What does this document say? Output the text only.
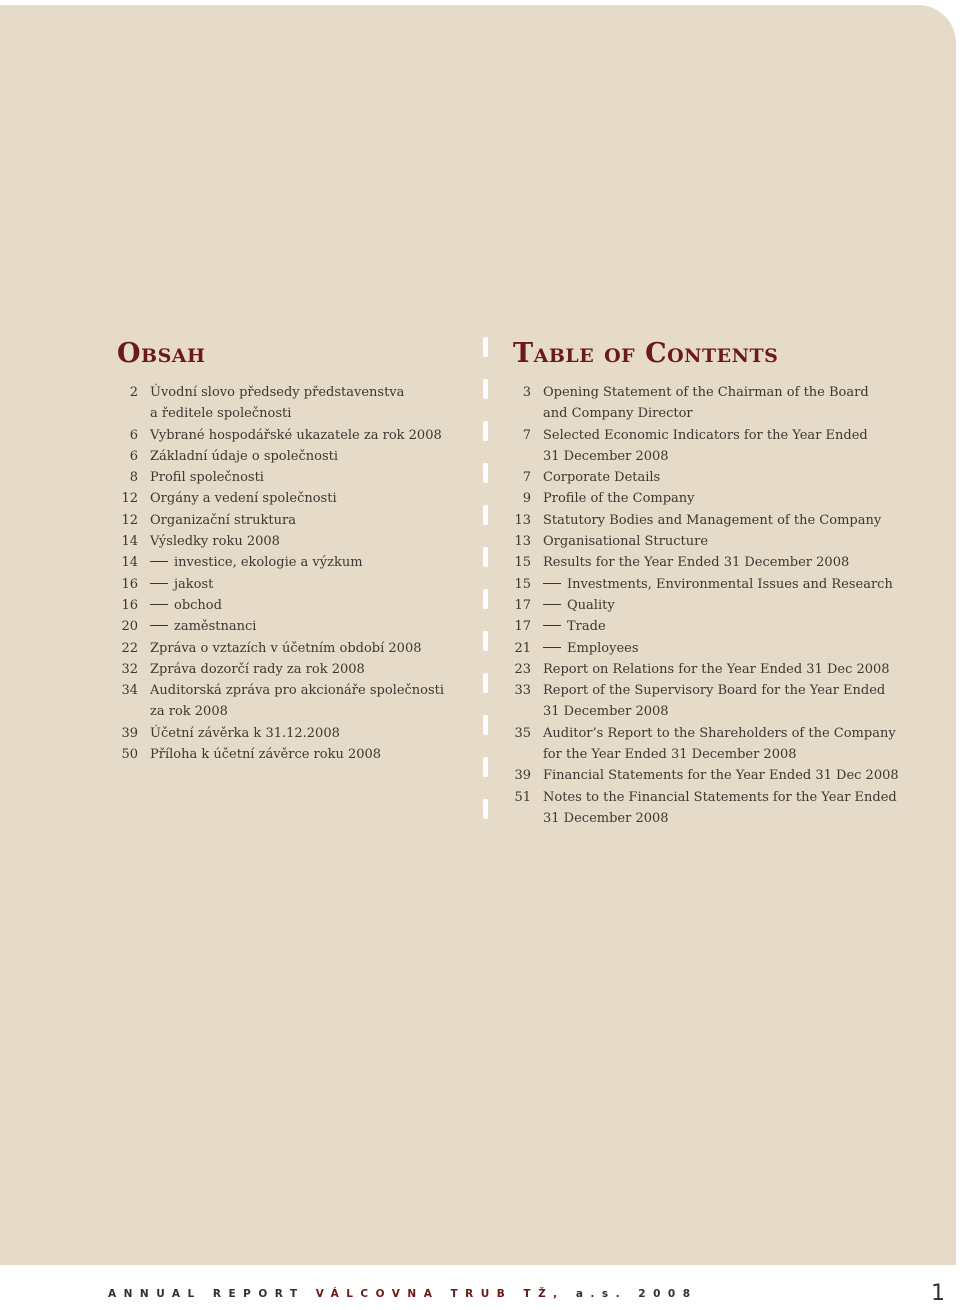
Obsah
2 Úvodní slovo předsedy představenstva
a ředitele společnosti
6 Vybrané hospodářské ukazatele za rok 2008
6 Základní údaje o společnosti
8 Profil společnosti
12 Orgány a vedení společnosti
12 Organizační struktura
14 Výsledky roku 2008
14	investice, ekologie a výzkum
16	jakost
16	obchod
20	zaměstnanci
22 Zpráva o vztazích v účetním období 2008
32 Zpráva dozorčí rady za rok 2008
34 Auditorská zpráva pro akcionáře společnosti
za rok 2008
39 Účetní závěrka k 31.12.2008
50 Příloha k účetní závěrce roku 2008
Table of Contents
3 Opening Statement of the Chairman of the Board
and Company Director
7 Selected Economic Indicators for the Year Ended
31 December 2008
7 Corporate Details
9 Profile of the Company
13 Statutory Bodies and Management of the Company
13 Organisational Structure
15 Results for the Year Ended 31 December 2008
15	Investments, Environmental Issues and Research
17	Quality
17	Trade
21	Employees
23 Report on Relations for the Year Ended 31 Dec 2008
33 Report of the Supervisory Board for the Year Ended
31 December 2008
35 Auditor’s Report to the Shareholders of the Company
for the Year Ended 31 December 2008
39 Financial Statements for the Year Ended 31 Dec 2008
51 Notes to the Financial Statements for the Year Ended
31 December 2008
ANNUAL REPORT VÁLCOVNA TRUB TŽ, a.s. 2008	1
